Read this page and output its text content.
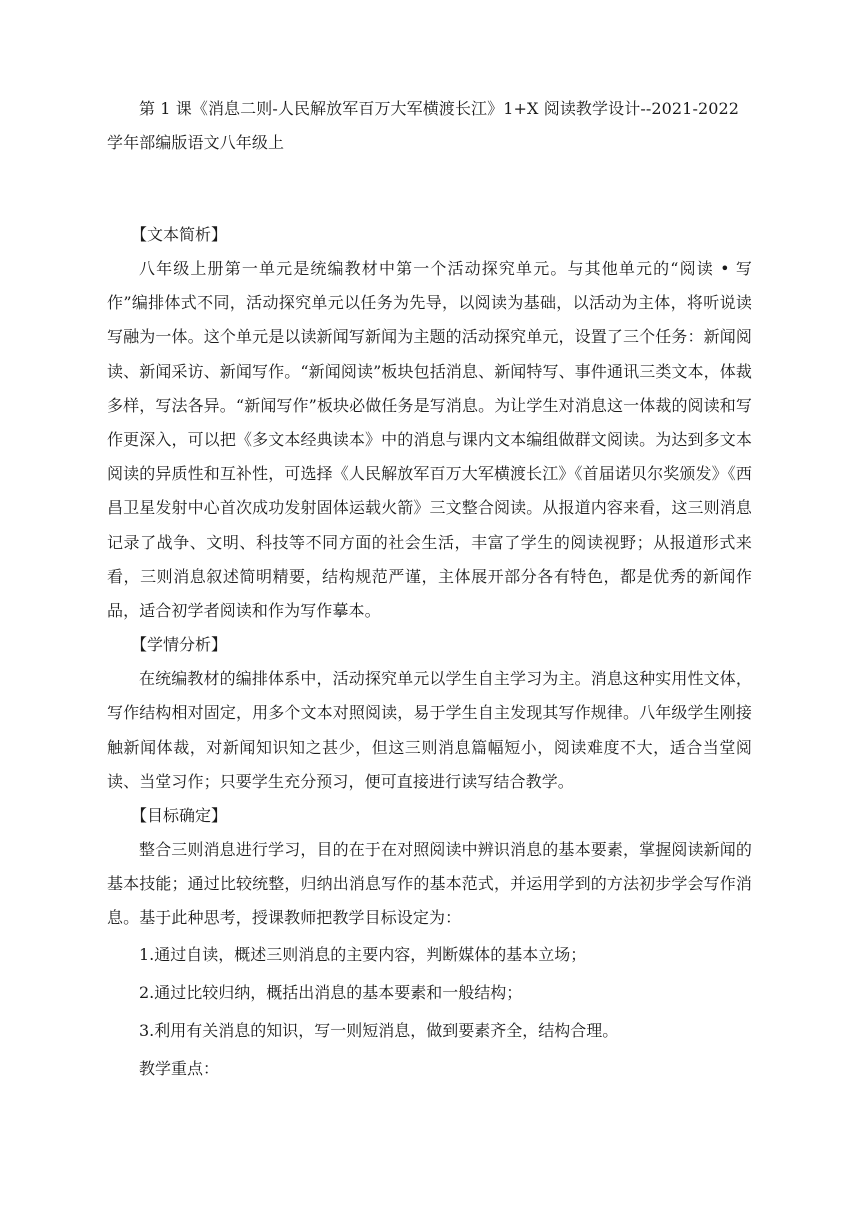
第 1 课《消息二则-人民解放军百万大军横渡长江》1+X 阅读教学设计--2021-2022 学年部编版语文八年级上

【文本简析】

八年级上册第一单元是统编教材中第一个活动探究单元。与其他单元的“阅读 • 写作”编排体式不同，活动探究单元以任务为先导，以阅读为基础，以活动为主体，将听说读写融为一体。这个单元是以读新闻写新闻为主题的活动探究单元，设置了三个任务：新闻阅读、新闻采访、新闻写作。“新闻阅读”板块包括消息、新闻特写、事件通讯三类文本，体裁多样，写法各异。“新闻写作”板块必做任务是写消息。为让学生对消息这一体裁的阅读和写作更深入，可以把《多文本经典读本》中的消息与课内文本编组做群文阅读。为达到多文本阅读的异质性和互补性，可选择《人民解放军百万大军横渡长江》《首届诺贝尔奖颁发》《西昌卫星发射中心首次成功发射固体运载火箭》三文整合阅读。从报道内容来看，这三则消息记录了战争、文明、科技等不同方面的社会生活，丰富了学生的阅读视野；从报道形式来看，三则消息叙述简明精要，结构规范严谨，主体展开部分各有特色，都是优秀的新闻作品，适合初学者阅读和作为写作摹本。

【学情分析】

在统编教材的编排体系中，活动探究单元以学生自主学习为主。消息这种实用性文体，写作结构相对固定，用多个文本对照阅读，易于学生自主发现其写作规律。八年级学生刚接触新闻体裁，对新闻知识知之甚少，但这三则消息篇幅短小，阅读难度不大，适合当堂阅读、当堂习作；只要学生充分预习，便可直接进行读写结合教学。

【目标确定】

整合三则消息进行学习，目的在于在对照阅读中辨识消息的基本要素，掌握阅读新闻的基本技能；通过比较统整，归纳出消息写作的基本范式，并运用学到的方法初步学会写作消息。基于此种思考，授课教师把教学目标设定为：

1.通过自读，概述三则消息的主要内容，判断媒体的基本立场；

2.通过比较归纳，概括出消息的基本要素和一般结构；

3.利用有关消息的知识，写一则短消息，做到要素齐全，结构合理。

教学重点：
